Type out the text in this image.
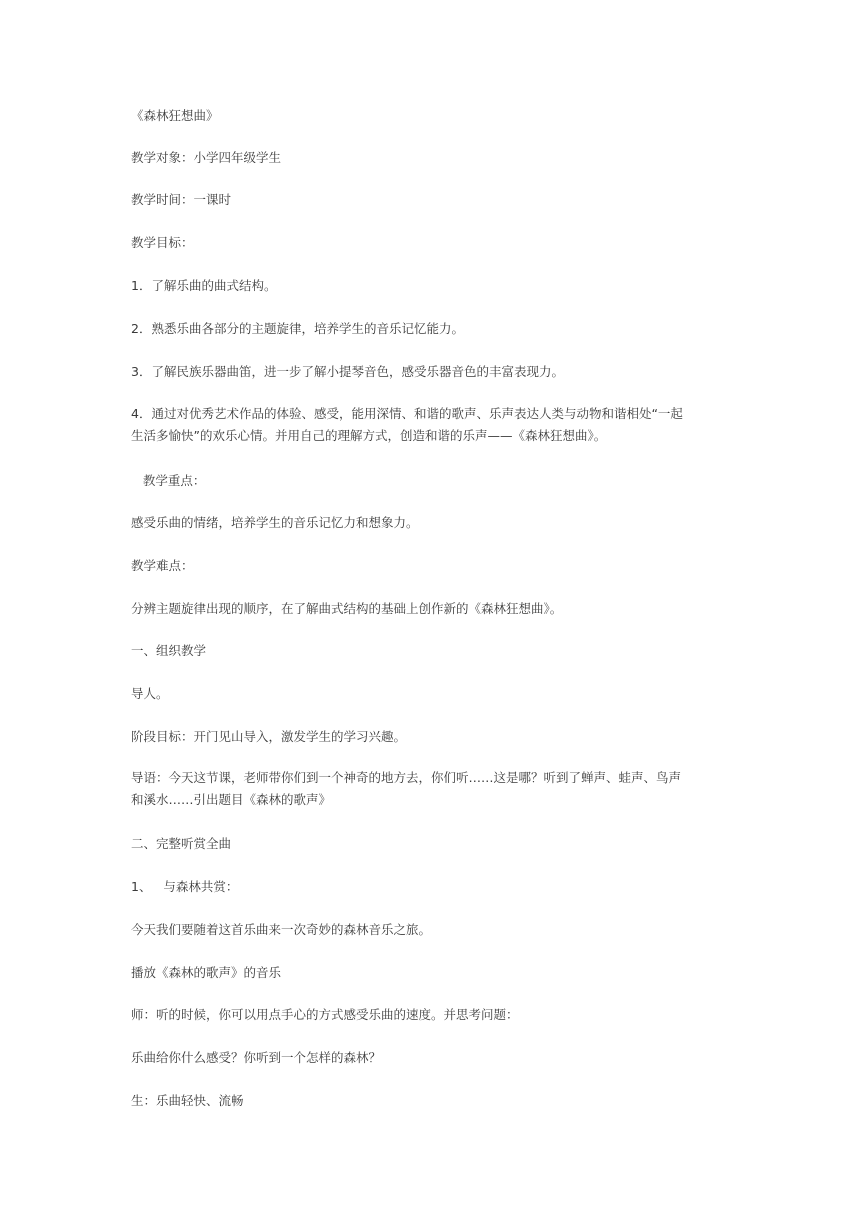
《森林狂想曲》
教学对象：小学四年级学生
教学时间：一课时
教学目标：
1．了解乐曲的曲式结构。
2．熟悉乐曲各部分的主题旋律，培养学生的音乐记忆能力。
3．了解民族乐器曲笛，进一步了解小提琴音色，感受乐器音色的丰富表现力。
4．通过对优秀艺术作品的体验、感受，能用深情、和谐的歌声、乐声表达人类与动物和谐相处“一起
生活多愉快”的欢乐心情。并用自己的理解方式，创造和谐的乐声——《森林狂想曲》。
教学重点：
感受乐曲的情绪，培养学生的音乐记忆力和想象力。
教学难点：
分辨主题旋律出现的顺序，在了解曲式结构的基础上创作新的《森林狂想曲》。
一、组织教学
导人。
阶段目标：开门见山导入，激发学生的学习兴趣。
导语：今天这节课，老师带你们到一个神奇的地方去，你们听……这是哪？听到了蝉声、蛙声、鸟声
和溪水……引出题目《森林的歌声》
二、完整听赏全曲
1、   与森林共赏：
今天我们要随着这首乐曲来一次奇妙的森林音乐之旅。
播放《森林的歌声》的音乐
师：听的时候，你可以用点手心的方式感受乐曲的速度。并思考问题：
乐曲给你什么感受？你听到一个怎样的森林？
生：乐曲轻快、流畅
